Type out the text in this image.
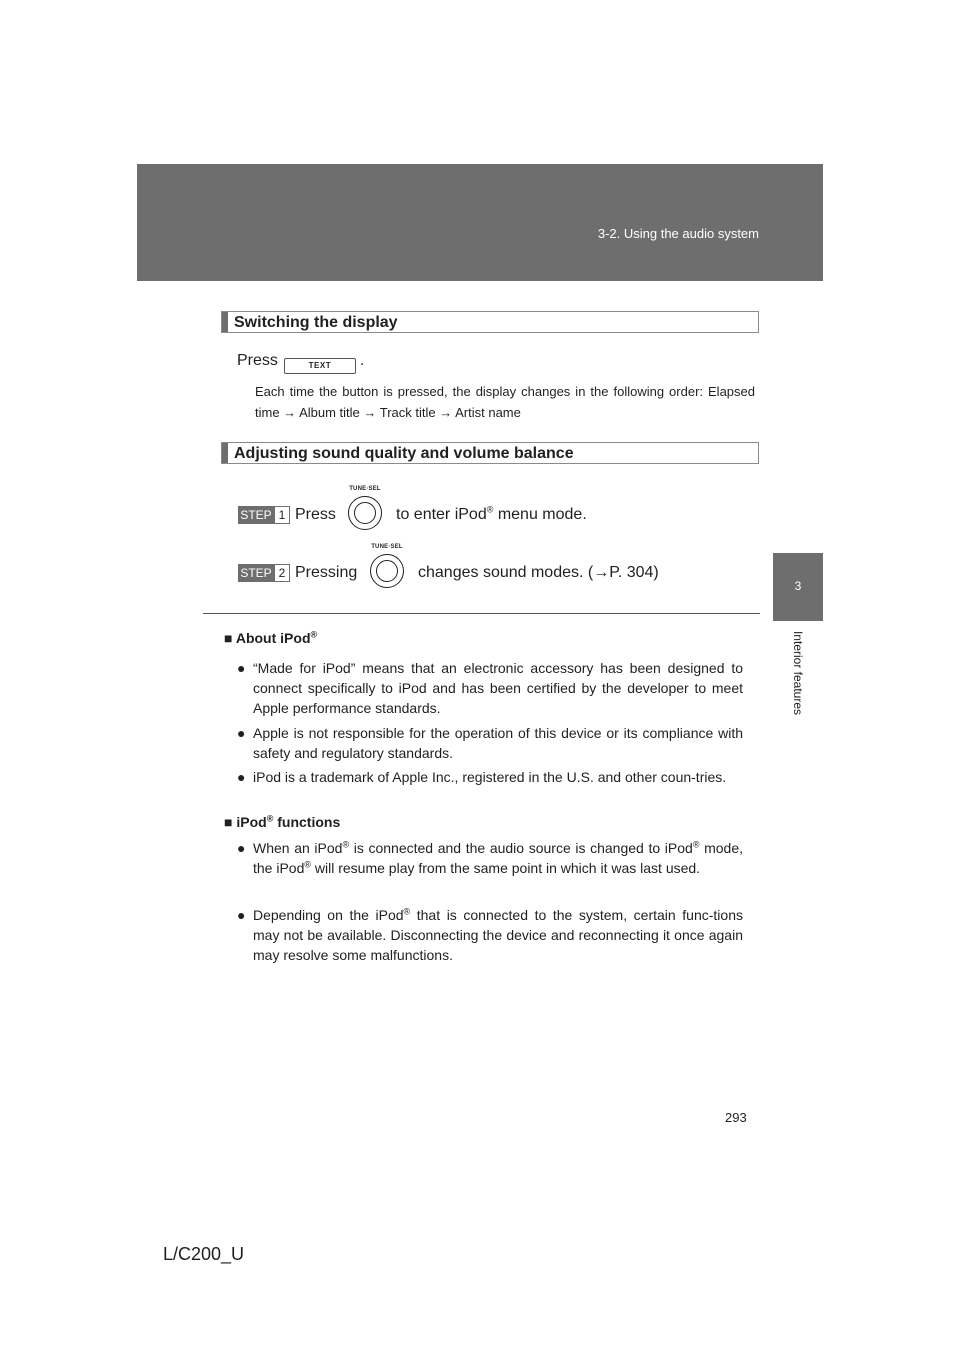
3-2. Using the audio system
3
Interior features
Switching the display
Press	TEXT .

Each time the button is pressed, the display changes in the following order: Elapsed time → Album title → Track title → Artist name

Adjusting sound quality and volume balance
STEP 1 Press
TUNE·SEL
to enter iPod® menu mode.
STEP 2 Pressing
TUNE·SEL
changes sound modes. (→P. 304)
■ About iPod®
● “Made for iPod” means that an electronic accessory has been designed to connect specifically to iPod and has been certified by the developer to meet Apple performance standards.
● Apple is not responsible for the operation of this device or its compliance with safety and regulatory standards.
● iPod is a trademark of Apple Inc., registered in the U.S. and other coun-tries.
■ iPod® functions
● When an iPod® is connected and the audio source is changed to iPod® mode, the iPod® will resume play from the same point in which it was last used.
● Depending on the iPod® that is connected to the system, certain func-tions may not be available. Disconnecting the device and reconnecting it once again may resolve some malfunctions.
293
L/C200_U
